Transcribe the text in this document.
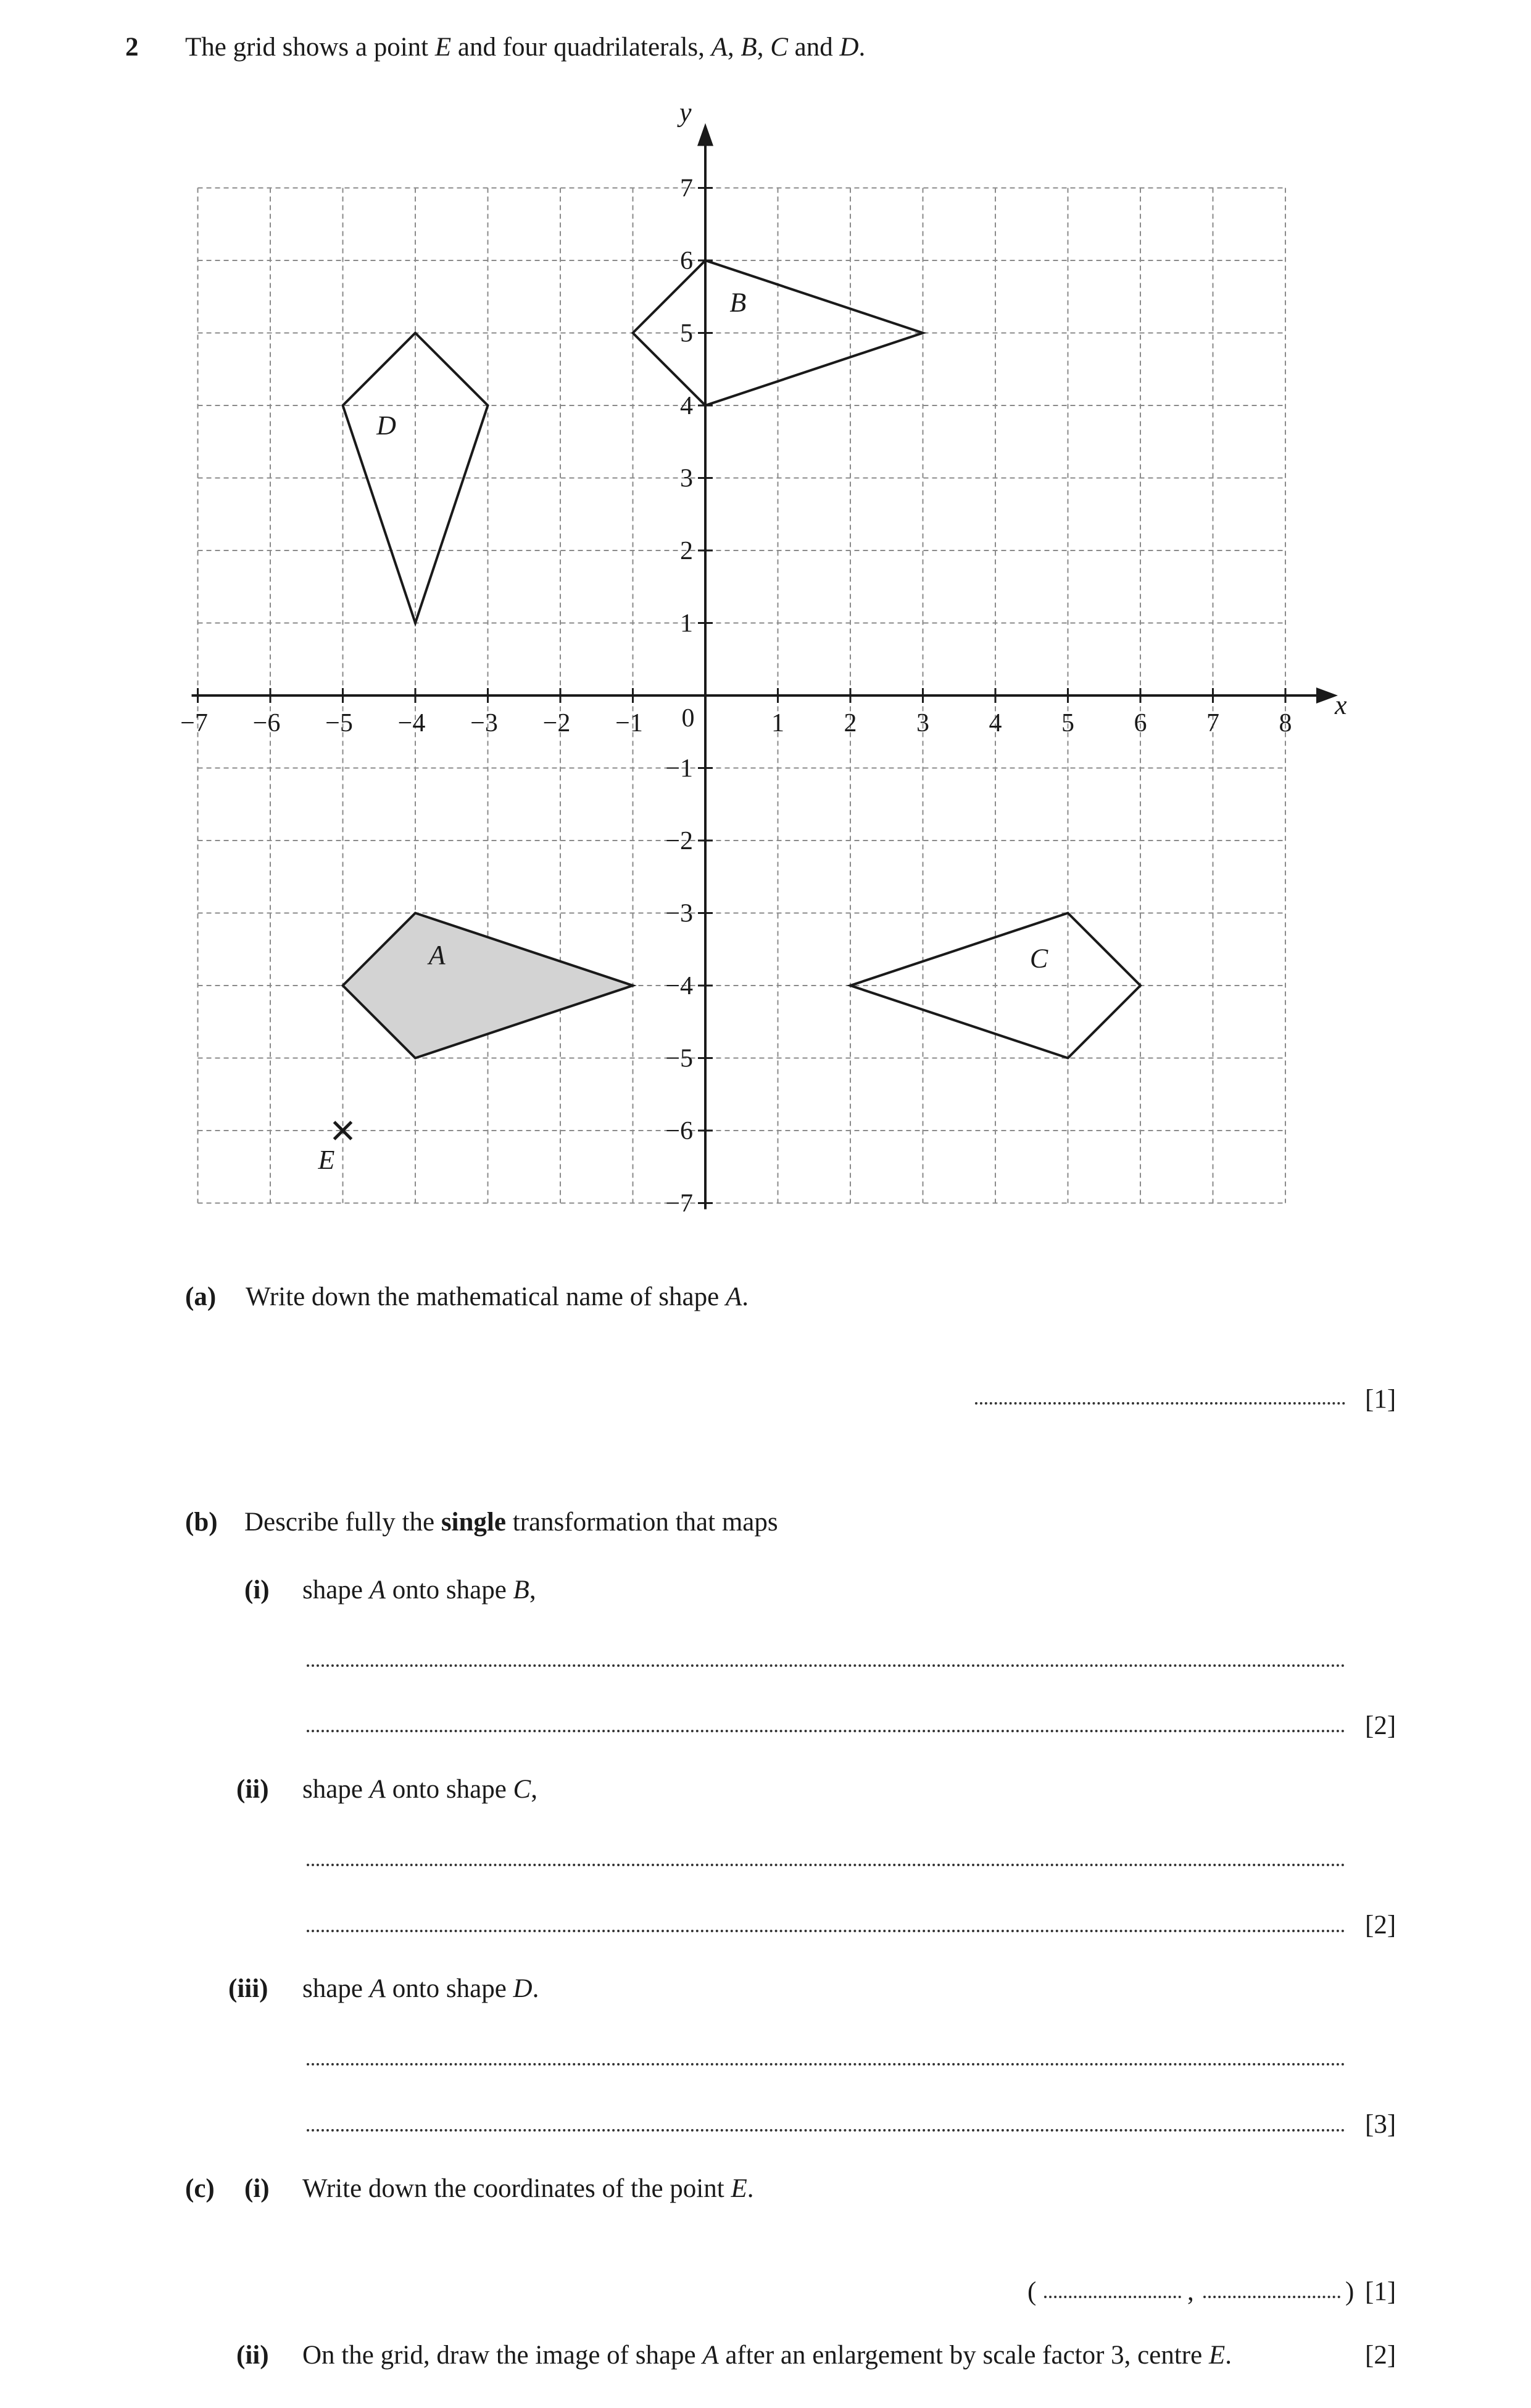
2 The grid shows a point E and four quadrilaterals, A, B, C and D.
−7 −6 −5 −4 −3 −2 −1 0	1 2 3 4 5 6 7 8
−7
−6
−5
−4
−3
−2
−1
1
2
3
4
5
6
7
x
y
A
B
C
D
E
(a) Write down the mathematical name of shape A.
[1]
(b) Describe fully the single transformation that maps
(i) shape A onto shape B,
[2]
(ii) shape A onto shape C,
[2]
(iii) shape A onto shape D.
[3]
(c) (i) Write down the coordinates of the point E.
(	,	) [1]
(ii) On the grid, draw the image of shape A after an enlargement by scale factor 3, centre E.	[2]
